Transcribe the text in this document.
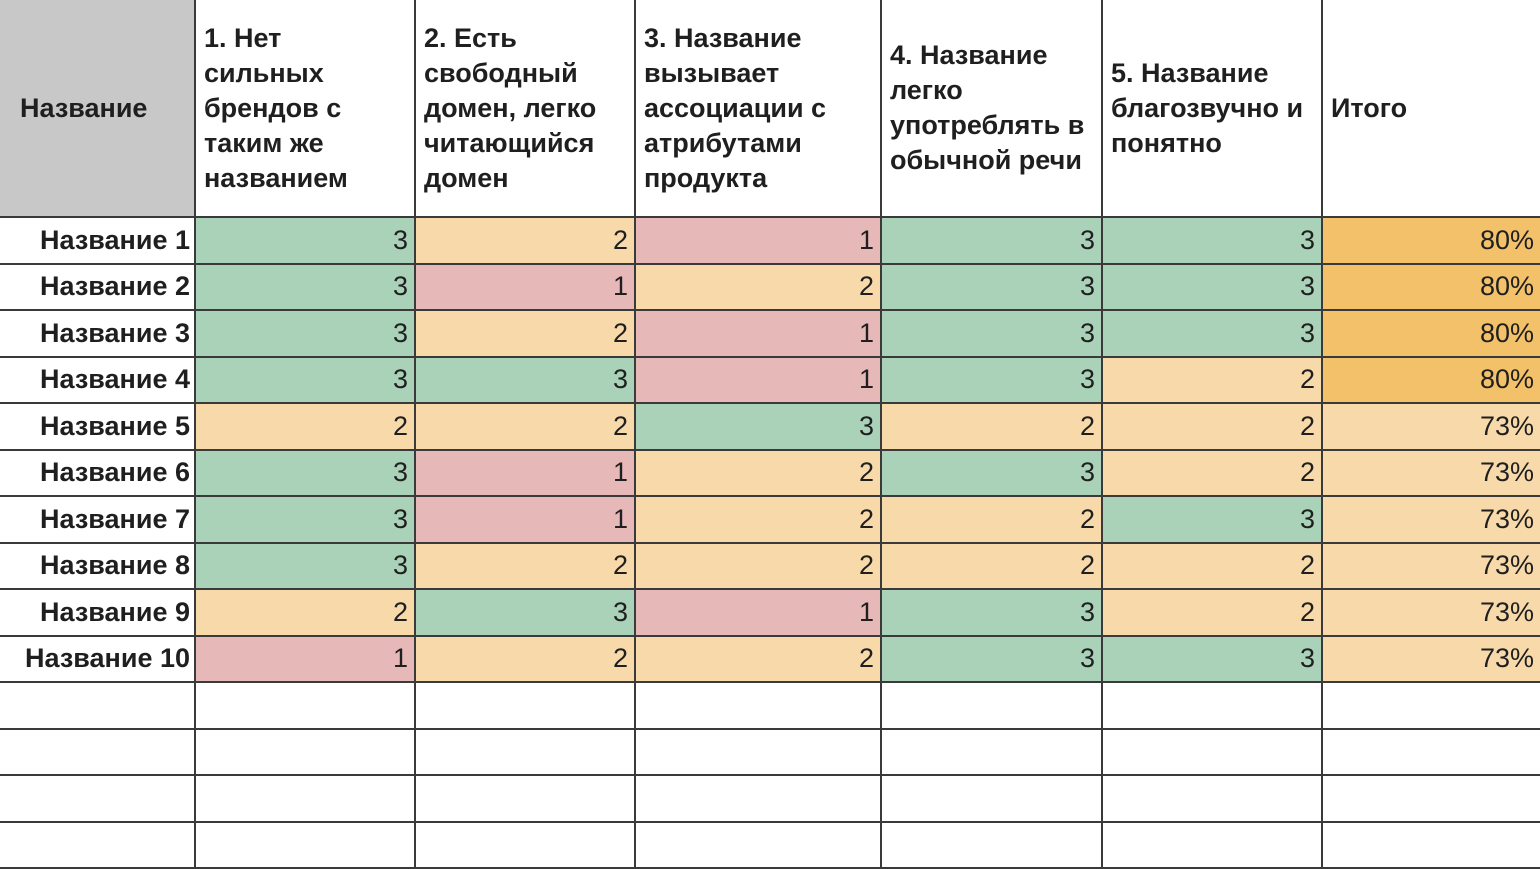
Название	1. Нет сильных брендов с таким же названием	2. Есть свободный домен, легко читающийся домен	3. Название вызывает ассоциации с атрибутами продукта	4. Название легко употреблять в обычной речи	5. Название благозвучно и понятно	Итого
Название 1	3	2	1	3	3	80%
Название 2	3	1	2	3	3	80%
Название 3	3	2	1	3	3	80%
Название 4	3	3	1	3	2	80%
Название 5	2	2	3	2	2	73%
Название 6	3	1	2	3	2	73%
Название 7	3	1	2	2	3	73%
Название 8	3	2	2	2	2	73%
Название 9	2	3	1	3	2	73%
Название 10	1	2	2	3	3	73%
